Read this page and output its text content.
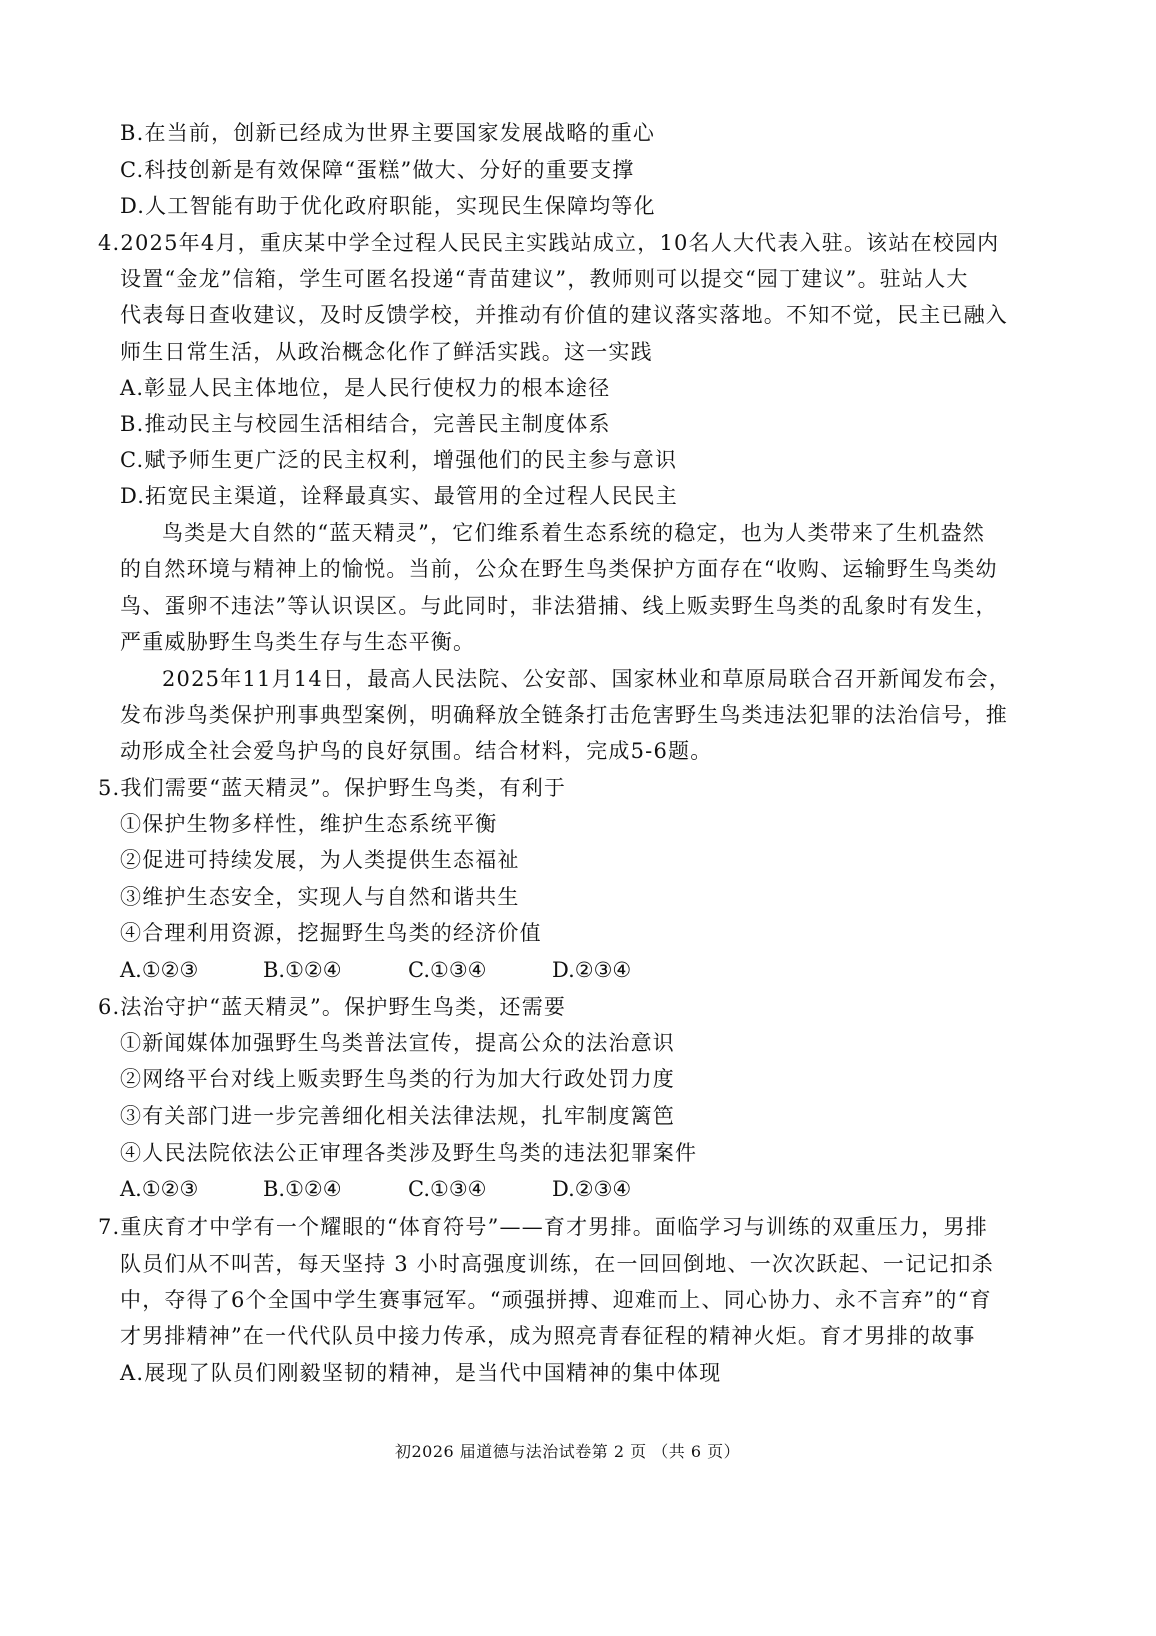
B.在当前，创新已经成为世界主要国家发展战略的重心
C.科技创新是有效保障“蛋糕”做大、分好的重要支撑
D.人工智能有助于优化政府职能，实现民生保障均等化
4.2025年4月，重庆某中学全过程人民民主实践站成立，10名人大代表入驻。该站在校园内
设置“金龙”信箱，学生可匿名投递“青苗建议”，教师则可以提交“园丁建议”。驻站人大
代表每日查收建议，及时反馈学校，并推动有价值的建议落实落地。不知不觉，民主已融入
师生日常生活，从政治概念化作了鲜活实践。这一实践
A.彰显人民主体地位，是人民行使权力的根本途径
B.推动民主与校园生活相结合，完善民主制度体系
C.赋予师生更广泛的民主权利，增强他们的民主参与意识
D.拓宽民主渠道，诠释最真实、最管用的全过程人民民主
鸟类是大自然的“蓝天精灵”，它们维系着生态系统的稳定，也为人类带来了生机盎然
的自然环境与精神上的愉悦。当前，公众在野生鸟类保护方面存在“收购、运输野生鸟类幼
鸟、蛋卵不违法”等认识误区。与此同时，非法猎捕、线上贩卖野生鸟类的乱象时有发生，
严重威胁野生鸟类生存与生态平衡。
2025年11月14日，最高人民法院、公安部、国家林业和草原局联合召开新闻发布会，
发布涉鸟类保护刑事典型案例，明确释放全链条打击危害野生鸟类违法犯罪的法治信号，推
动形成全社会爱鸟护鸟的良好氛围。结合材料，完成5-6题。
5.我们需要“蓝天精灵”。保护野生鸟类，有利于
①保护生物多样性，维护生态系统平衡
②促进可持续发展，为人类提供生态福祉
③维护生态安全，实现人与自然和谐共生
④合理利用资源，挖掘野生鸟类的经济价值
A.①②③	B.①②④	C.①③④	D.②③④
6.法治守护“蓝天精灵”。保护野生鸟类，还需要
①新闻媒体加强野生鸟类普法宣传，提高公众的法治意识
②网络平台对线上贩卖野生鸟类的行为加大行政处罚力度
③有关部门进一步完善细化相关法律法规，扎牢制度篱笆
④人民法院依法公正审理各类涉及野生鸟类的违法犯罪案件
A.①②③	B.①②④	C.①③④	D.②③④
7.重庆育才中学有一个耀眼的“体育符号”——育才男排。面临学习与训练的双重压力，男排
队员们从不叫苦，每天坚持 3 小时高强度训练，在一回回倒地、一次次跃起、一记记扣杀
中，夺得了6个全国中学生赛事冠军。“顽强拼搏、迎难而上、同心协力、永不言弃”的“育
才男排精神”在一代代队员中接力传承，成为照亮青春征程的精神火炬。育才男排的故事
A.展现了队员们刚毅坚韧的精神，是当代中国精神的集中体现
初2026 届道德与法治试卷第 2 页 （共 6 页）
